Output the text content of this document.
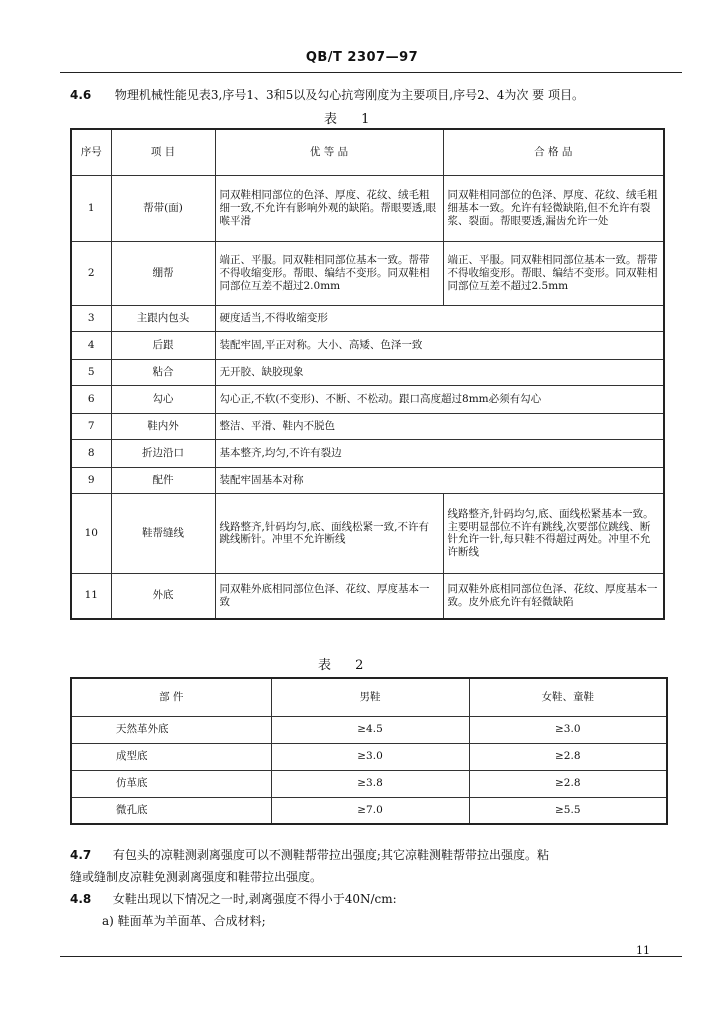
QB/T 2307—97
4.6 物理机械性能见表3,序号1、3和5以及勾心抗弯刚度为主要项目,序号2、4为次 要 项目。
表 1
序号	项 目	优 等 品	合 格 品
1	帮带(面)	同双鞋相同部位的色泽、厚度、花纹、绒毛粗细一致,不允许有影响外观的缺陷。帮眼要透,眼喉平滑	同双鞋相同部位的色泽、厚度、花纹、绒毛粗细基本一致。允许有轻微缺陷,但不允许有裂浆、裂面。帮眼要透,漏齿允许一处
2	绷帮	端正、平服。同双鞋相同部位基本一致。帮带不得收缩变形。帮眼、编结不变形。同双鞋相同部位互差不超过2.0mm	端正、平服。同双鞋相同部位基本一致。帮带不得收缩变形。帮眼、编结不变形。同双鞋相同部位互差不超过2.5mm
3	主跟内包头	硬度适当,不得收缩变形	
4	后跟	装配牢固,平正对称。大小、高矮、色泽一致	
5	粘合	无开胶、缺胶现象	
6	勾心	勾心正,不软(不变形)、不断、不松动。跟口高度超过8mm必须有勾心	
7	鞋内外	整洁、平滑、鞋内不脱色	
8	折边沿口	基本整齐,均匀,不许有裂边	
9	配件	装配牢固基本对称	
10	鞋帮缝线	线路整齐,针码均匀,底、面线松紧一致,不许有跳线断针。冲里不允许断线	线路整齐,针码均匀,底、面线松紧基本一致。主要明显部位不许有跳线,次要部位跳线、断针允许一针,每只鞋不得超过两处。冲里不允许断线
11	外底	同双鞋外底相同部位色泽、花纹、厚度基本一致	同双鞋外底相同部位色泽、花纹、厚度基本一致。皮外底允许有轻微缺陷
表 2
部 件	男鞋	女鞋、童鞋
天然革外底	≥4.5	≥3.0
成型底	≥3.0	≥2.8
仿革底	≥3.8	≥2.8
微孔底	≥7.0	≥5.5
4.7 有包头的凉鞋测剥离强度可以不测鞋帮带拉出强度;其它凉鞋测鞋帮带拉出强度。粘
缝或缝制皮凉鞋免测剥离强度和鞋带拉出强度。
4.8 女鞋出现以下情况之一时,剥离强度不得小于40N/cm:
a) 鞋面革为羊面革、合成材料;
11
